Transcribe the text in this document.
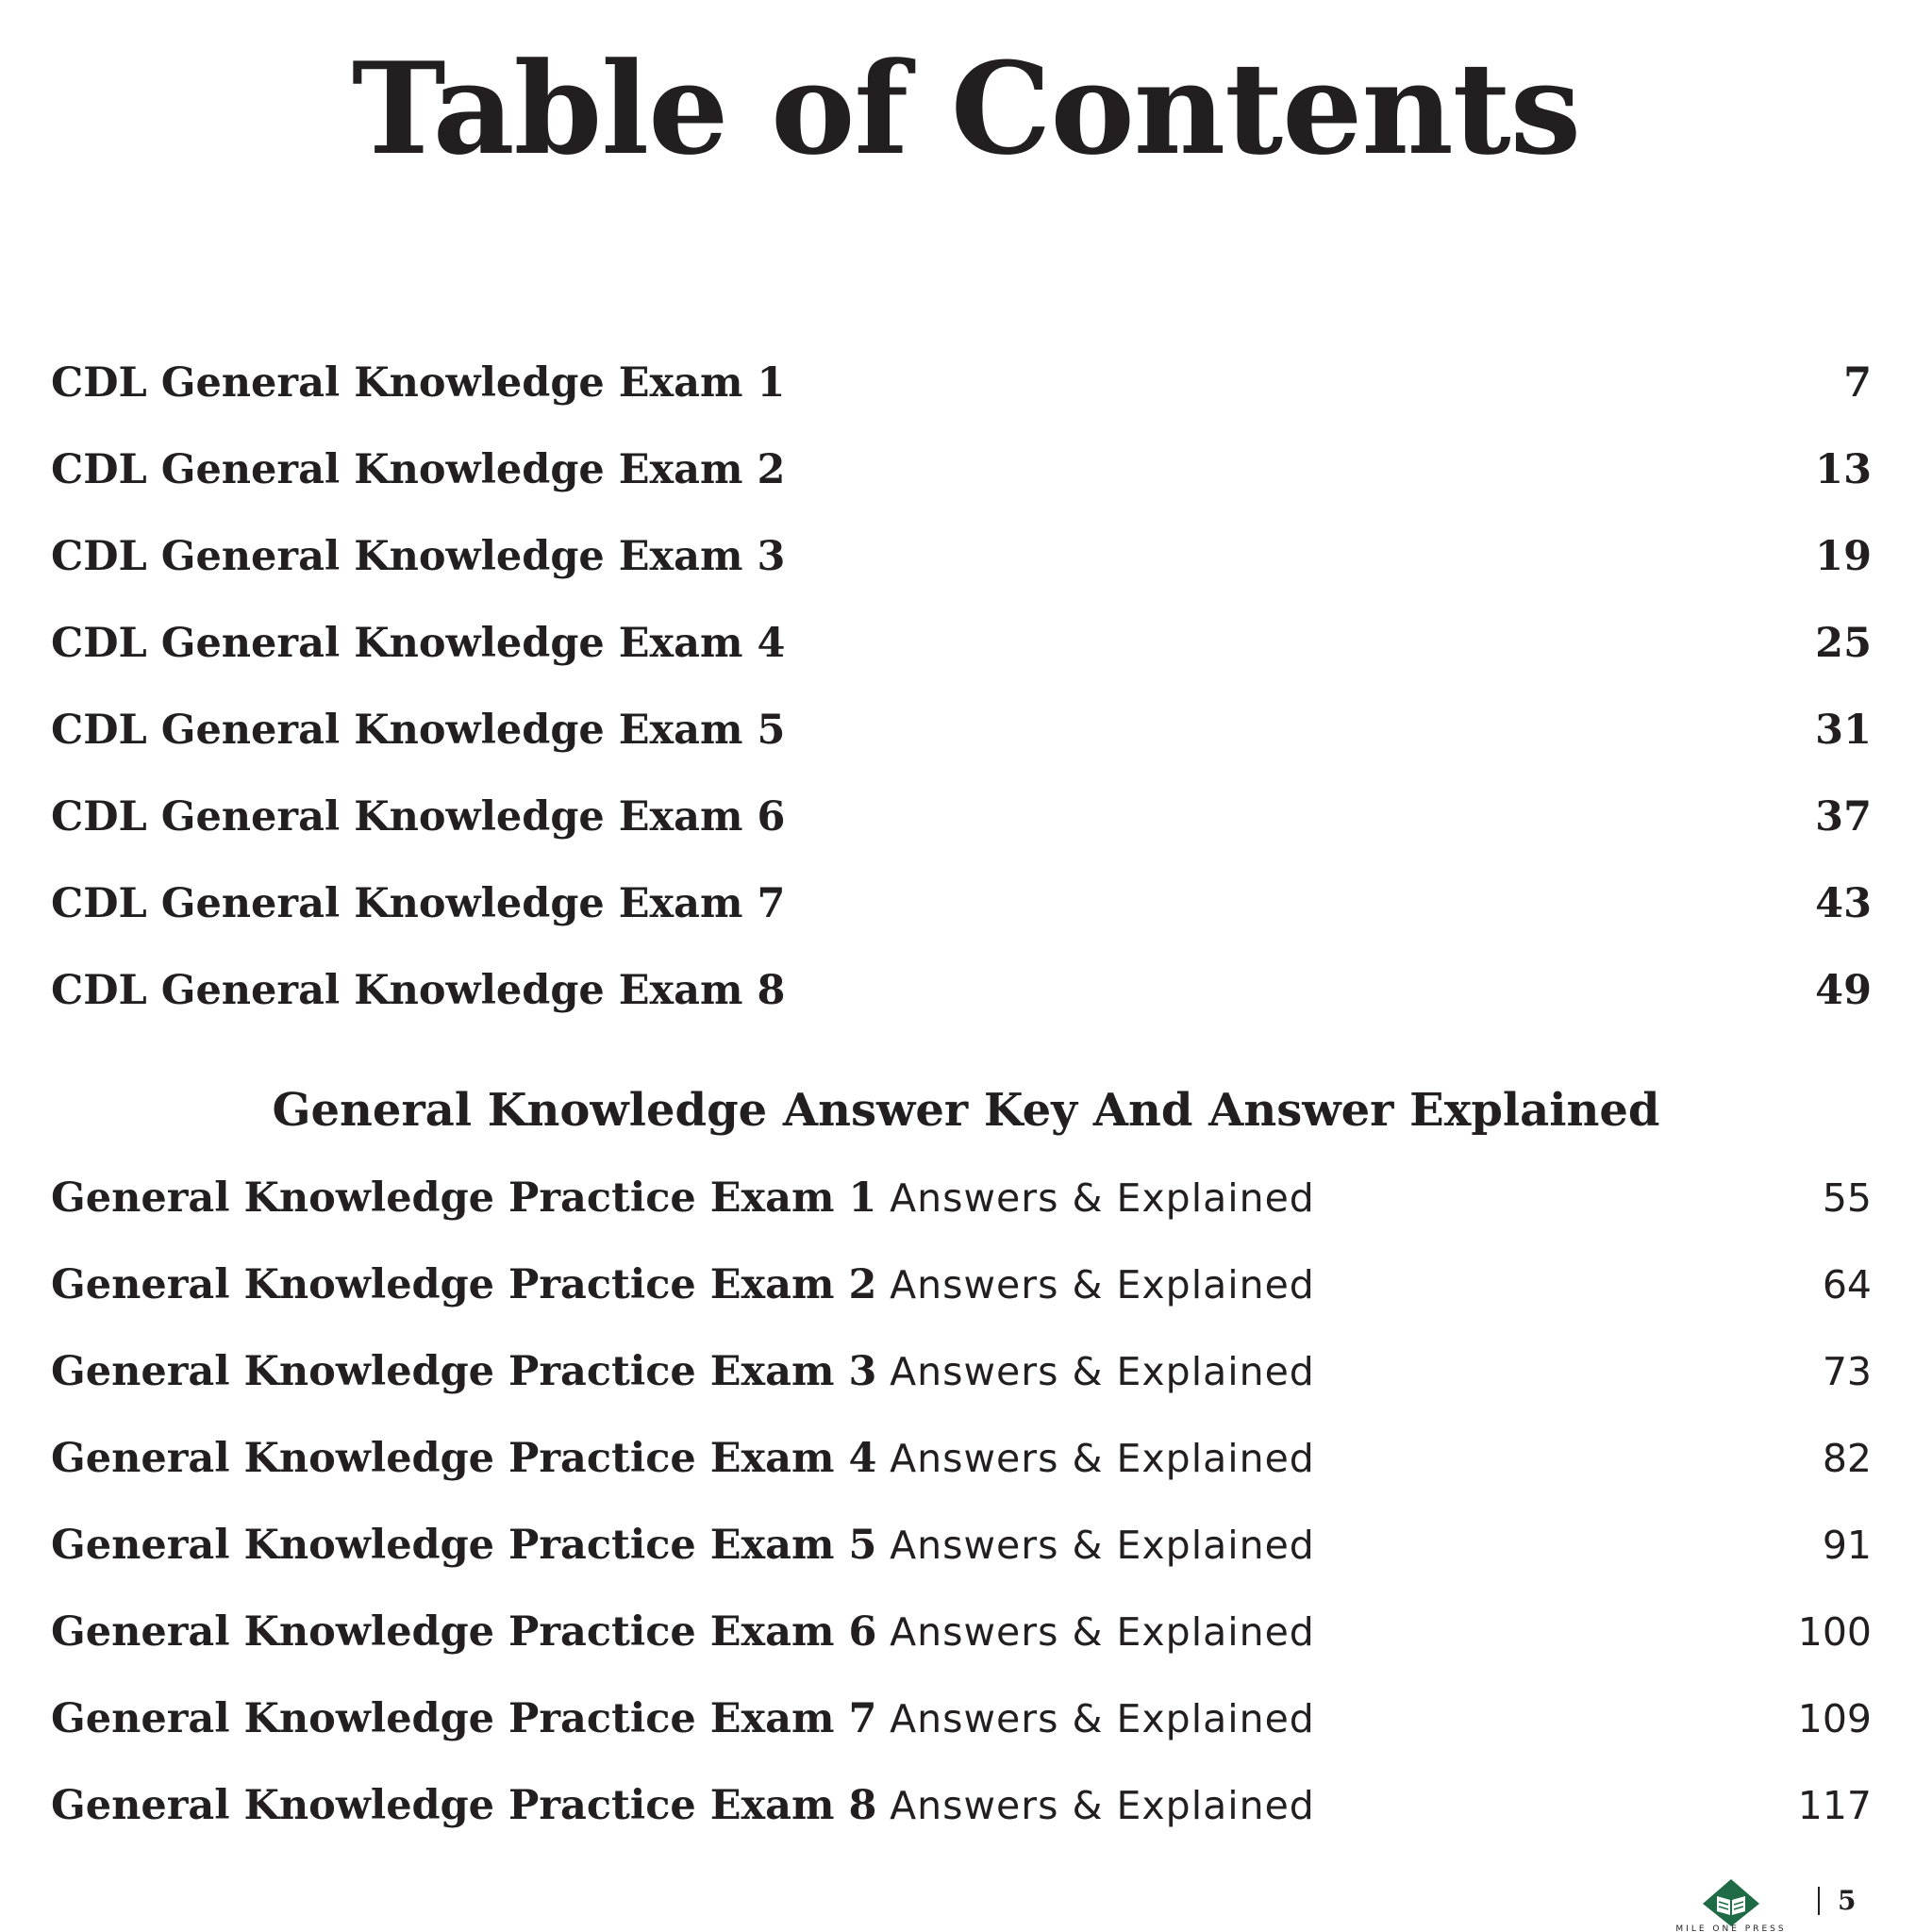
Table of Contents
CDL General Knowledge Exam 1	7
CDL General Knowledge Exam 2	13
CDL General Knowledge Exam 3	19
CDL General Knowledge Exam 4	25
CDL General Knowledge Exam 5	31
CDL General Knowledge Exam 6	37
CDL General Knowledge Exam 7	43
CDL General Knowledge Exam 8	49
General Knowledge Answer Key And Answer Explained
General Knowledge Practice Exam 1 Answers & Explained	55
General Knowledge Practice Exam 2 Answers & Explained	64
General Knowledge Practice Exam 3 Answers & Explained	73
General Knowledge Practice Exam 4 Answers & Explained	82
General Knowledge Practice Exam 5 Answers & Explained	91
General Knowledge Practice Exam 6 Answers & Explained	100
General Knowledge Practice Exam 7 Answers & Explained	109
General Knowledge Practice Exam 8 Answers & Explained	117
MILE ONE PRESS
5
